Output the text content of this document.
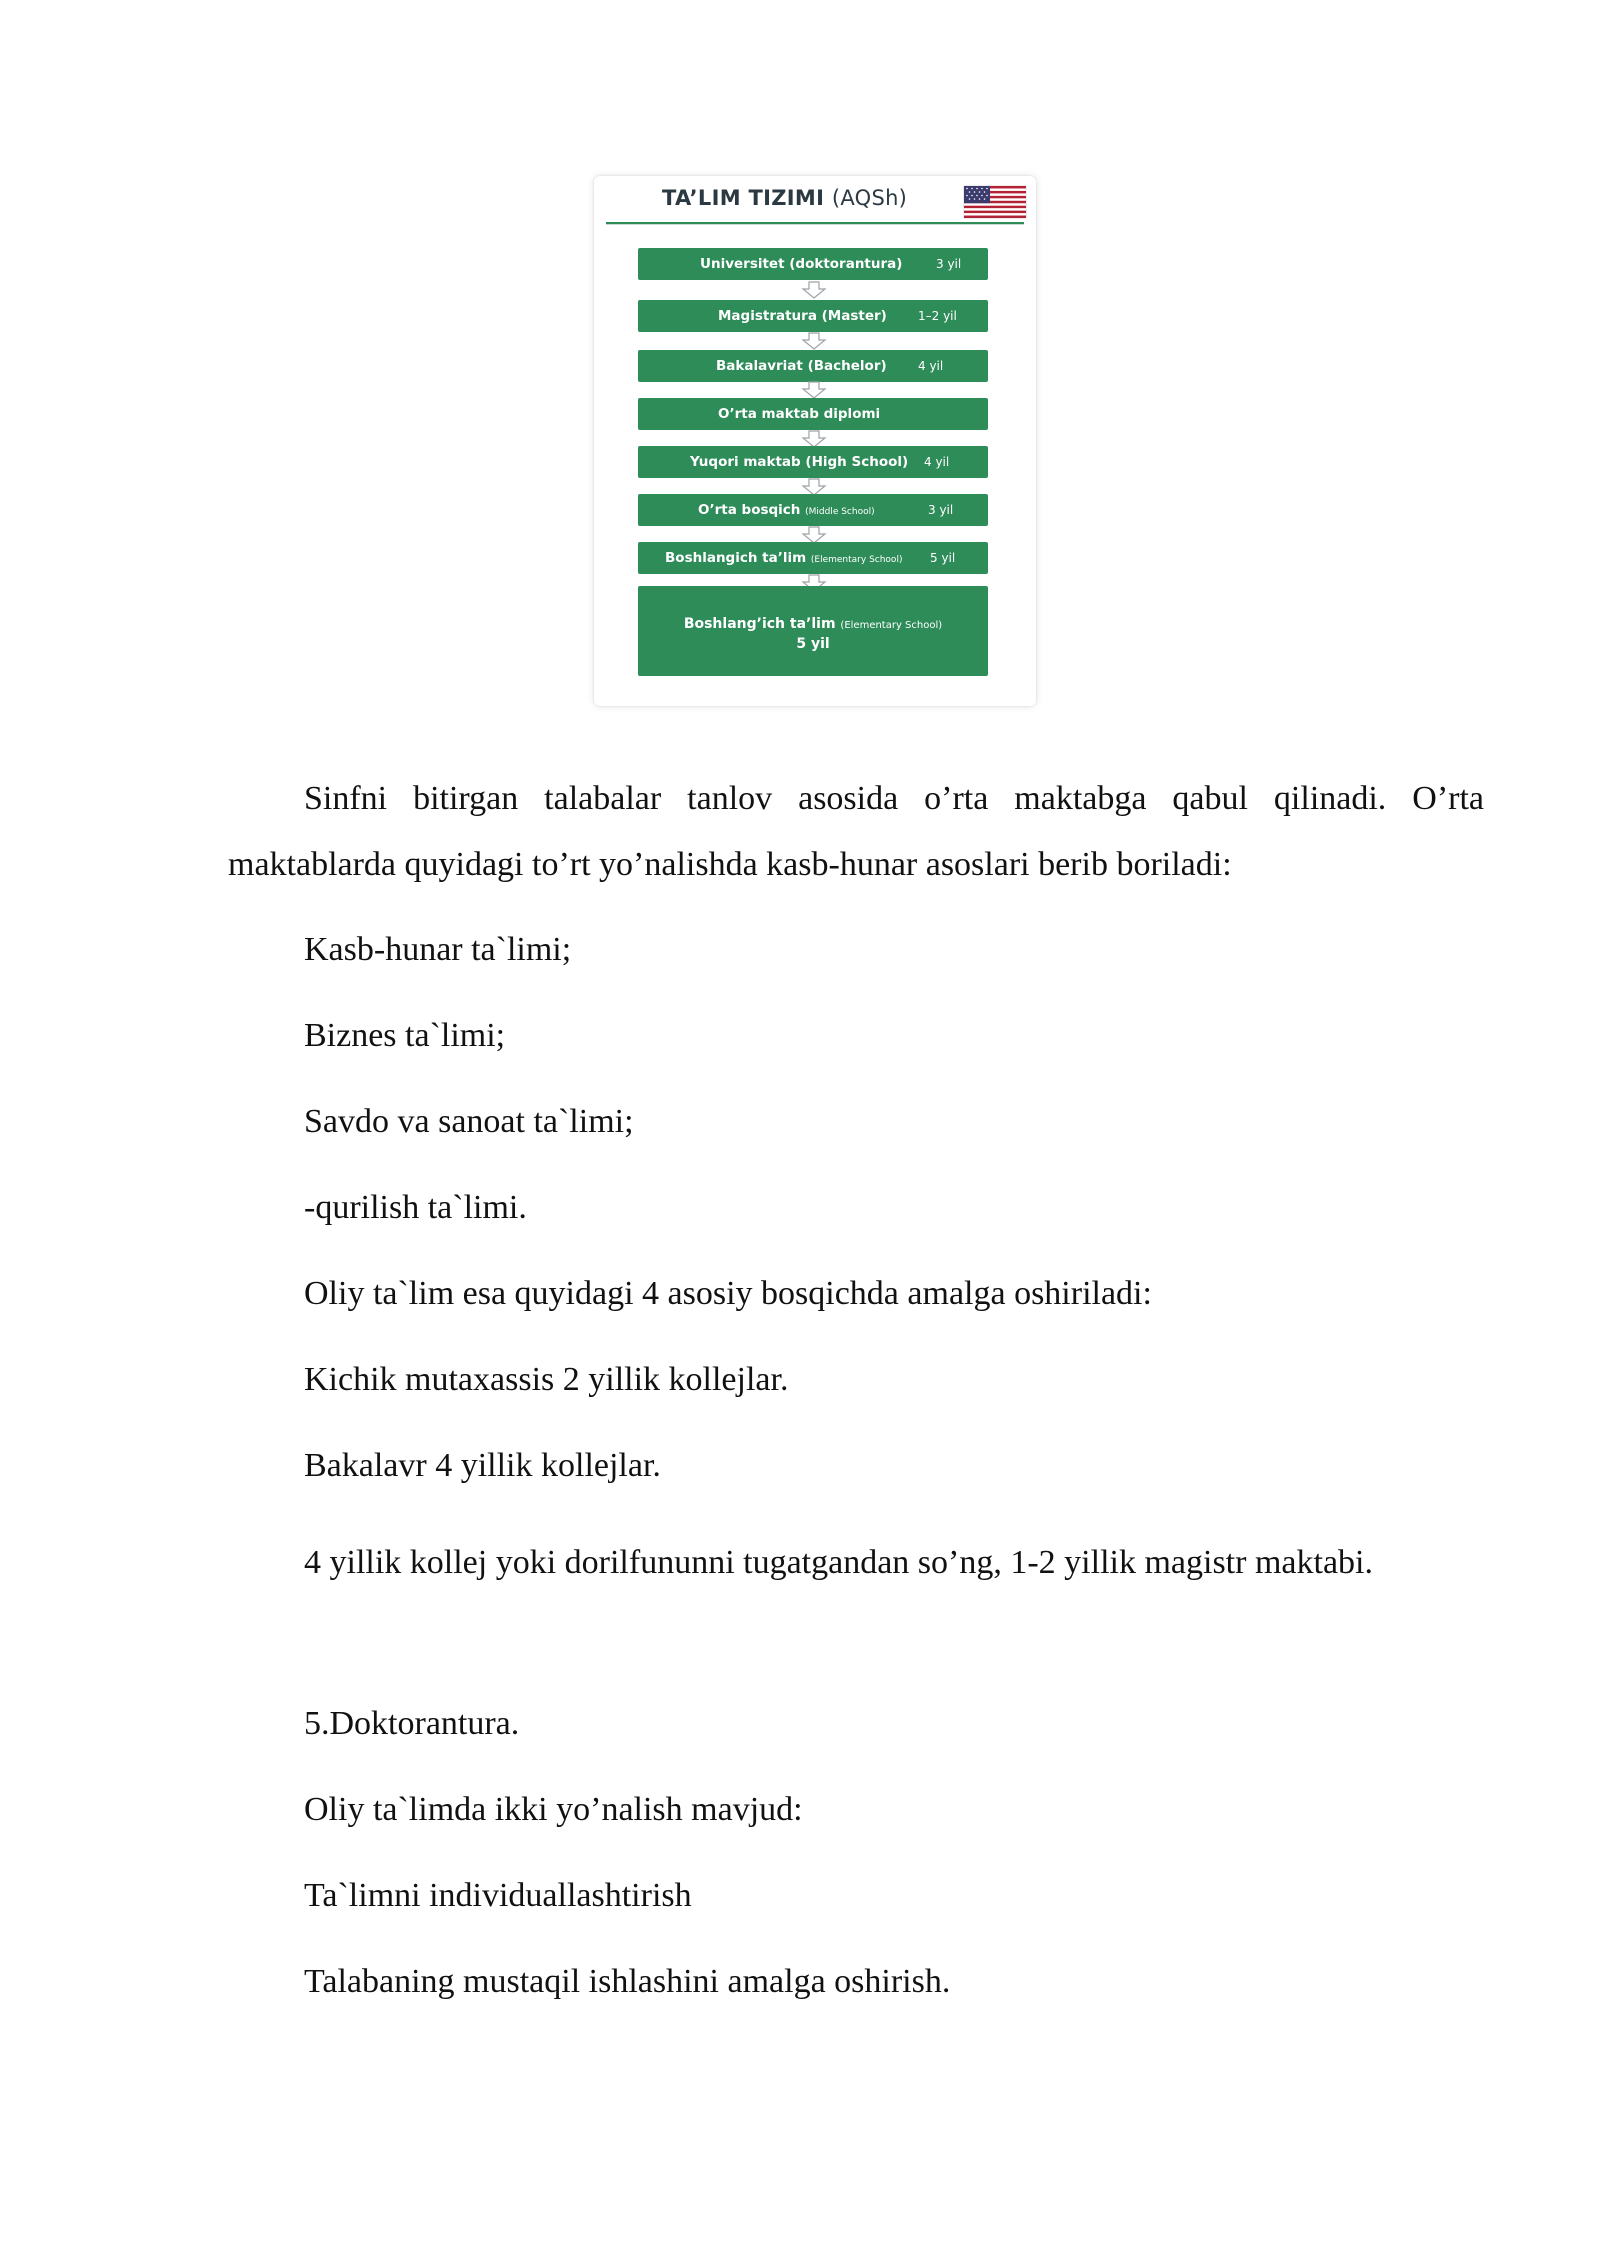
TA’LIM TIZIMI (AQSh)
Universitet (doktorantura)	3 yil
Magistratura (Master)	1–2 yil
Bakalavriat (Bachelor)	4 yil
O’rta maktab diplomi
Yuqori maktab (High School) 4 yil
O’rta bosqich (Middle School)	3 yil
Boshlangich ta’lim (Elementary School) 5 yil
Boshlang’ich ta’lim (Elementary School)
5 yil

Sinfni bitirgan talabalar tanlov asosida o’rta maktabga qabul qilinadi. O’rta maktablarda quyidagi to’rt yo’nalishda kasb-hunar asoslari berib boriladi:

Kasb-hunar ta`limi;

Biznes ta`limi;

Savdo va sanoat ta`limi;

-qurilish ta`limi.

Oliy ta`lim esa quyidagi 4 asosiy bosqichda amalga oshiriladi:

Kichik mutaxassis 2 yillik kollejlar.

Bakalavr 4 yillik kollejlar.

4 yillik kollej yoki dorilfununni tugatgandan so’ng, 1-2 yillik magistr maktabi.

5.Doktorantura.

Oliy ta`limda ikki yo’nalish mavjud:

Ta`limni individuallashtirish

Talabaning mustaqil ishlashini amalga oshirish.
